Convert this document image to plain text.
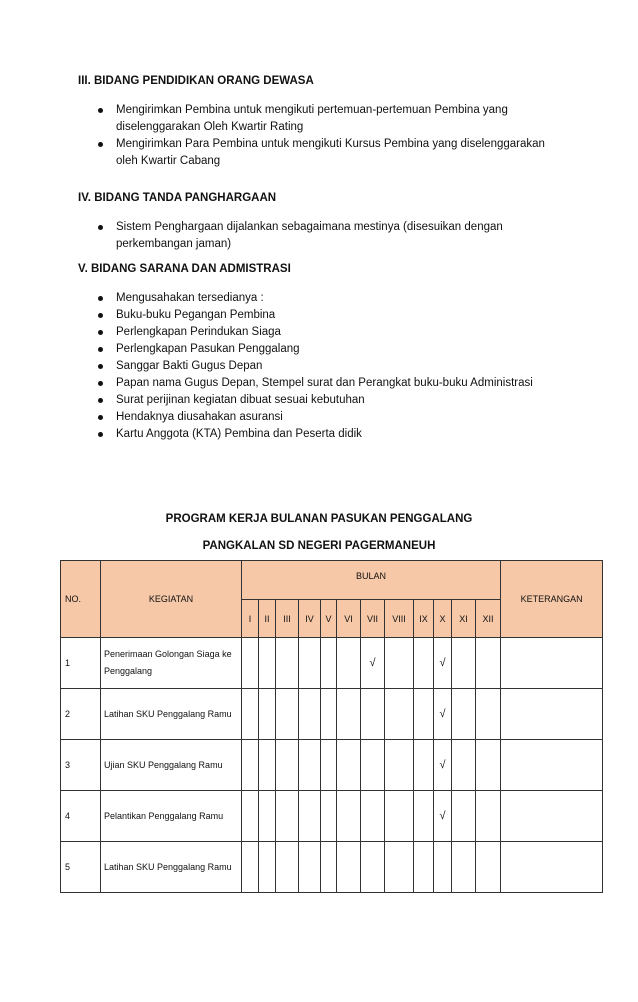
III. BIDANG PENDIDIKAN ORANG DEWASA

Mengirimkan Pembina untuk mengikuti pertemuan-pertemuan Pembina yang diselenggarakan Oleh Kwartir Rating
Mengirimkan Para Pembina untuk mengikuti Kursus Pembina yang diselenggarakan oleh Kwartir Cabang

IV. BIDANG TANDA PANGHARGAAN

Sistem Penghargaan dijalankan sebagaimana mestinya (disesuikan dengan perkembangan jaman)

V. BIDANG SARANA DAN ADMISTRASI

Mengusahakan tersedianya :
Buku-buku Pegangan Pembina
Perlengkapan Perindukan Siaga
Perlengkapan Pasukan Penggalang
Sanggar Bakti Gugus Depan
Papan nama Gugus Depan, Stempel surat dan Perangkat buku-buku Administrasi
Surat perijinan kegiatan dibuat sesuai kebutuhan
Hendaknya diusahakan asuransi
Kartu Anggota (KTA) Pembina dan Peserta didik
PROGRAM KERJA BULANAN PASUKAN PENGGALANG
PANGKALAN SD NEGERI PAGERMANEUH
NO.	KEGIATAN	BULAN												KETERANGAN
		I	II	III	IV	V	VI	VII	VIII	IX	X	XI	XII	
1	Penerimaan Golongan Siaga ke Penggalang							√			√			
2	Latihan SKU Penggalang Ramu										√			
3	Ujian SKU Penggalang Ramu										√			
4	Pelantikan Penggalang Ramu										√			
5	Latihan SKU Penggalang Ramu													
